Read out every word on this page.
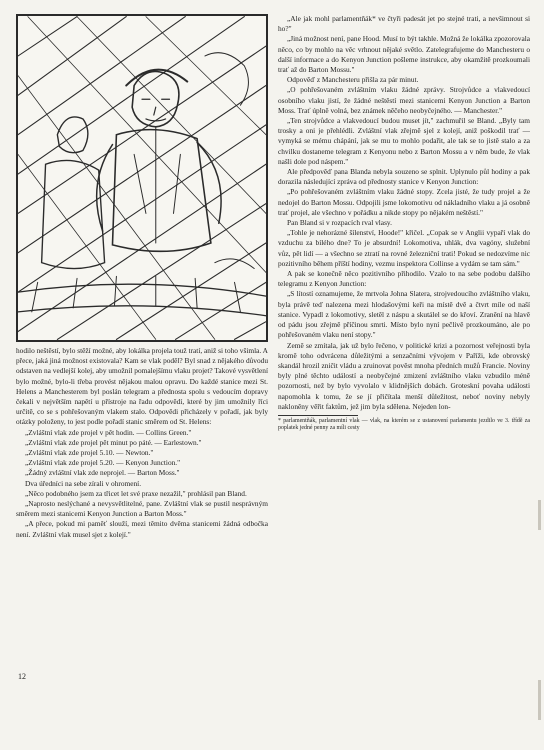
hodilo neštěstí, bylo stěží možné, aby lokálka projela touž tratí, aniž si toho všimla. A přece, jaká jiná možnost existovala? Kam se vlak poděl? Byl snad z nějakého důvodu odstaven na vedlejší kolej, aby umožnil pomalejšímu vlaku projet? Takové vysvětlení bylo možné, bylo-li třeba provést nějakou malou opravu. Do každé stanice mezi St. Helens a Manchesterem byl poslán telegram a přednosta spolu s vedoucím dopravy čekali v největším napětí u přístroje na řadu odpovědí, které by jim umožnily říci určitě, co se s pohřešovaným vlakem stalo. Odpovědi přicházely v pořadí, jak byly otázky položeny, to jest podle pořadí stanic směrem od St. Helens:

„Zvláštní vlak zde projel v pět hodin. — Collins Green."

„Zvláštní vlak zde projel pět minut po páté. — Earlestown."

„Zvláštní vlak zde projel 5.10. — Newton."

„Zvláštní vlak zde projel 5.20. — Kenyon Junction."

„Žádný zvláštní vlak zde neprojel. — Barton Moss."

Dva úředníci na sebe zírali v ohromení.

„Něco podobného jsem za třicet let své praxe nezažil," prohlásil pan Bland.

„Naprosto neslýchané a nevysvětlitelné, pane. Zvláštní vlak se pustil nesprávným směrem mezi stanicemi Kenyon Junction a Barton Moss."

„A přece, pokud mi paměť slouží, mezi těmito dvěma stanicemi žádná odbočka není. Zvláštní vlak musel sjet z kolejí."

„Ale jak mohl parlamentňák* ve čtyři padesát jet po stejné trati, a nevšimnout si ho?"

„Jiná možnost není, pane Hood. Musí to být takhle. Možná že lokálka zpozorovala něco, co by mohlo na věc vrhnout nějaké světlo. Zatelegrafujeme do Manchesteru o další informace a do Kenyon Junction pošleme instrukce, aby okamžitě prozkoumali trať až do Barton Mossu."

Odpověď z Manchesteru přišla za pár minut.

„O pohřešovaném zvláštním vlaku žádné zprávy. Strojvůdce a vlakvedoucí osobního vlaku jistí, že žádné neštěstí mezi stanicemi Kenyon Junction a Barton Moss. Trať úplně volná, bez známek něčeho neobyčejného. — Manchester."

„Ten strojvůdce a vlakvedoucí budou muset jít," zachmuřil se Bland. „Byly tam trosky a oni je přehlédli. Zvláštní vlak zřejmě sjel z kolejí, aniž poškodil trať — vymyká se mému chápání, jak se mu to mohlo podařit, ale tak se to jistě stalo a za chvilku dostaneme telegram z Kenyonu nebo z Barton Mossu a v něm bude, že vlak našli dole pod náspem."

Ale předpověď pana Blanda nebyla souzeno se splnit. Uplynulo půl hodiny a pak dorazila následující zpráva od přednosty stanice v Kenyon Junction:

„Po pohřešovaném zvláštním vlaku žádné stopy. Zcela jisté, že tudy projel a že nedojel do Barton Mossu. Odpojili jsme lokomotivu od nákladního vlaku a já osobně trať projel, ale všechno v pořádku a nikde stopy po nějakém neštěstí."

Pan Bland si v rozpacích rval vlasy.

„Tohle je nehorázné šílenství, Hoode!" křičel. „Copak se v Anglii vypaří vlak do vzduchu za bílého dne? To je absurdní! Lokomotiva, uhlák, dva vagóny, služební vůz, pět lidí — a všechno se ztratí na rovné železniční trati! Pokud se nedozvíme nic pozitivního během příští hodiny, vezmu inspektora Collinse a vydám se tam sám."

A pak se konečně něco pozitivního přihodilo. Vzalo to na sebe podobu dalšího telegramu z Kenyon Junction:

„S lítostí oznamujeme, že mrtvola Johna Slatera, strojvedoucího zvláštního vlaku, byla právě teď nalezena mezi hlodašovými keři na místě dvě a čtvrt míle od naší stanice. Vypadl z lokomotivy, sletěl z náspu a skutálel se do křoví. Zranění na hlavě od pádu jsou zřejmě příčinou smrti. Místo bylo nyní pečlivě prozkoumáno, ale po pohřešovaném vlaku není stopy."

Země se zmítala, jak už bylo řečeno, v politické krizi a pozornost veřejnosti byla kromě toho odvrácena důležitými a senzačními vývojem v Paříži, kde obrovský skandál hrozil zničit vládu a zruinovat pověst mnoha předních mužů Francie. Noviny byly plné těchto událostí a neobyčejné zmizení zvláštního vlaku vzbudilo méně pozornosti, než by bylo vyvolalo v klidnějších dobách. Groteskní povaha události napomohla k tomu, že se jí přičítala menší důležitost, neboť noviny nebyly nakloněny věřit faktům, jež jim byla sdělena. Nejeden lon-

* parlamentňák, parlamentní vlak — vlak, na kterém se z ustanovení parlamentu jezdilo ve 3. třídě za poplatek jedné penny za míli cesty

12
